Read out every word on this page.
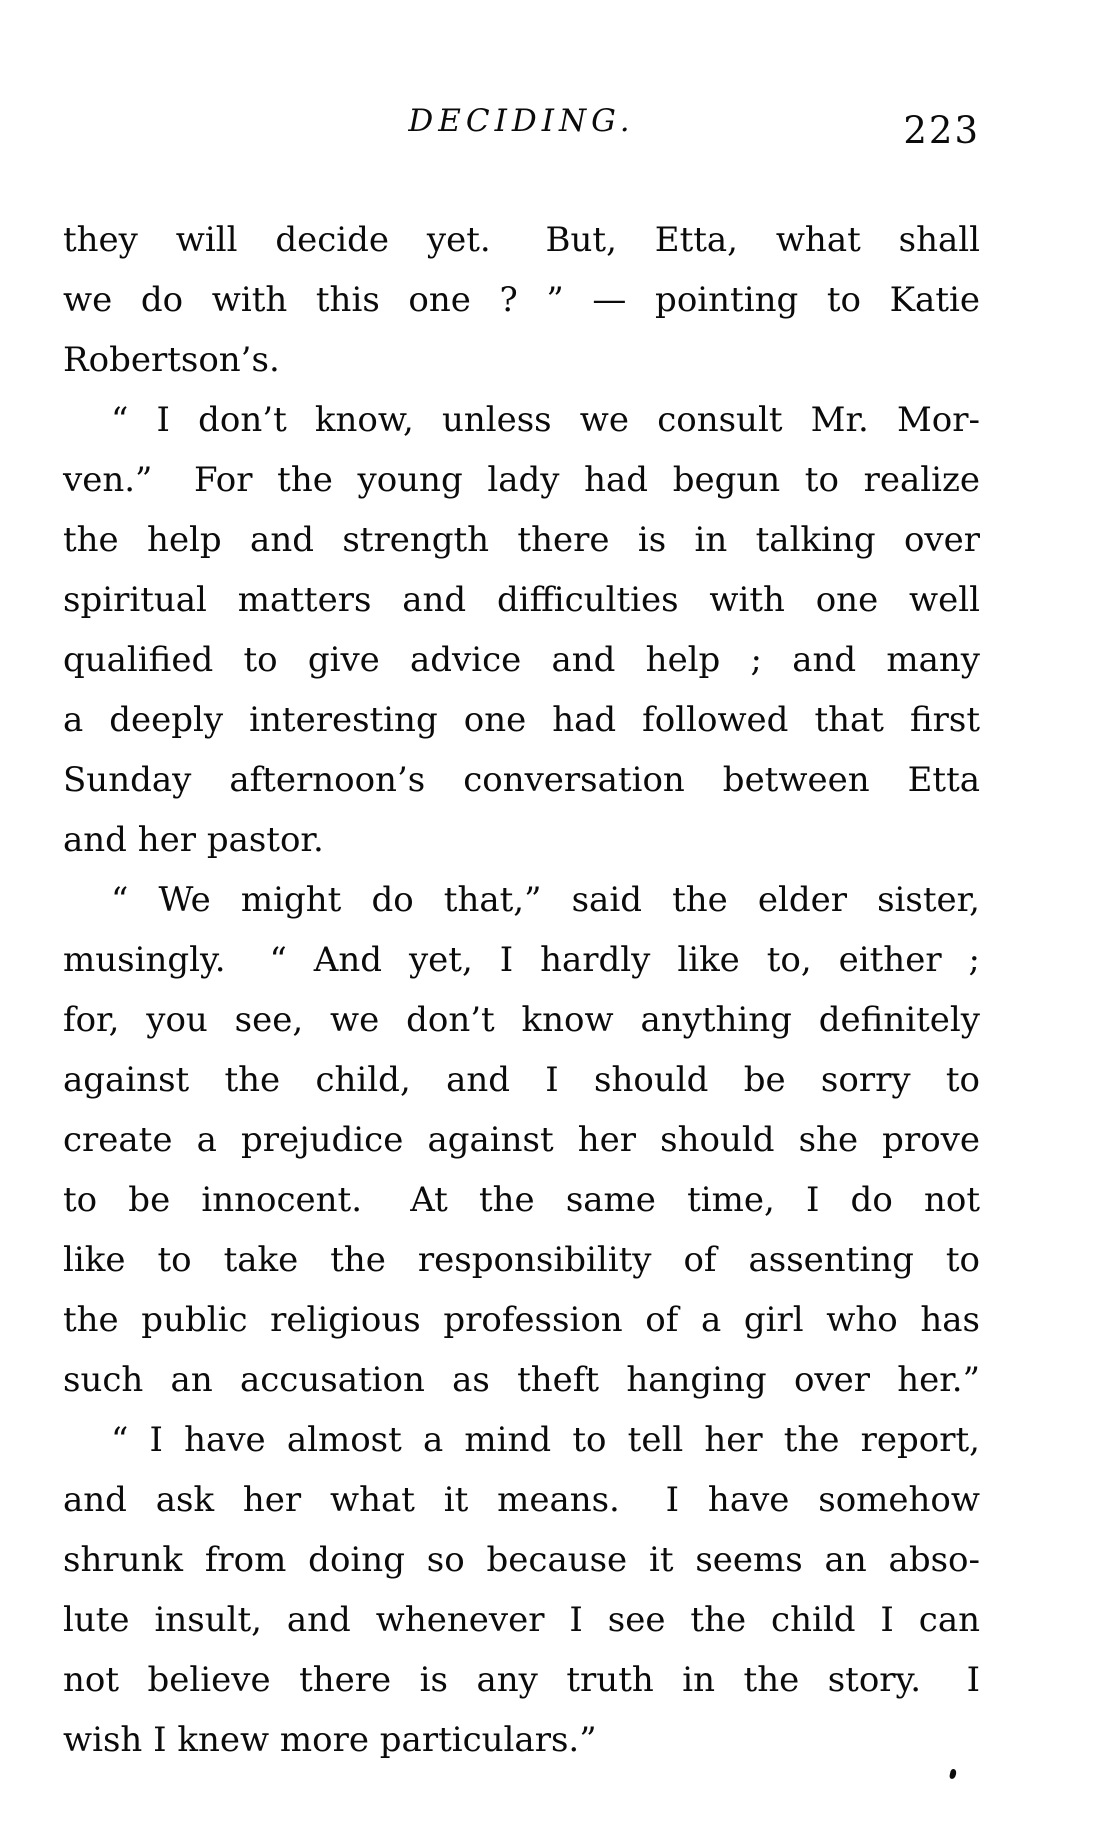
DECIDING.	223
they will decide yet.  But, Etta, what shall
we do with this one ? ” — pointing to Katie
Robertson’s.
“ I don’t know, unless we consult Mr. Mor-
ven.”  For the young lady had begun to realize
the help and strength there is in talking over
spiritual matters and difficulties with one well
qualified to give advice and help ; and many
a deeply interesting one had followed that first
Sunday afternoon’s conversation between Etta
and her pastor.
“ We might do that,” said the elder sister,
musingly.  “ And yet, I hardly like to, either ;
for, you see, we don’t know anything definitely
against the child, and I should be sorry to
create a prejudice against her should she prove
to be innocent.  At the same time, I do not
like to take the responsibility of assenting to
the public religious profession of a girl who has
such an accusation as theft hanging over her.”
“ I have almost a mind to tell her the report,
and ask her what it means.  I have somehow
shrunk from doing so because it seems an abso-
lute insult, and whenever I see the child I can
not believe there is any truth in the story.  I
wish I knew more particulars.”
